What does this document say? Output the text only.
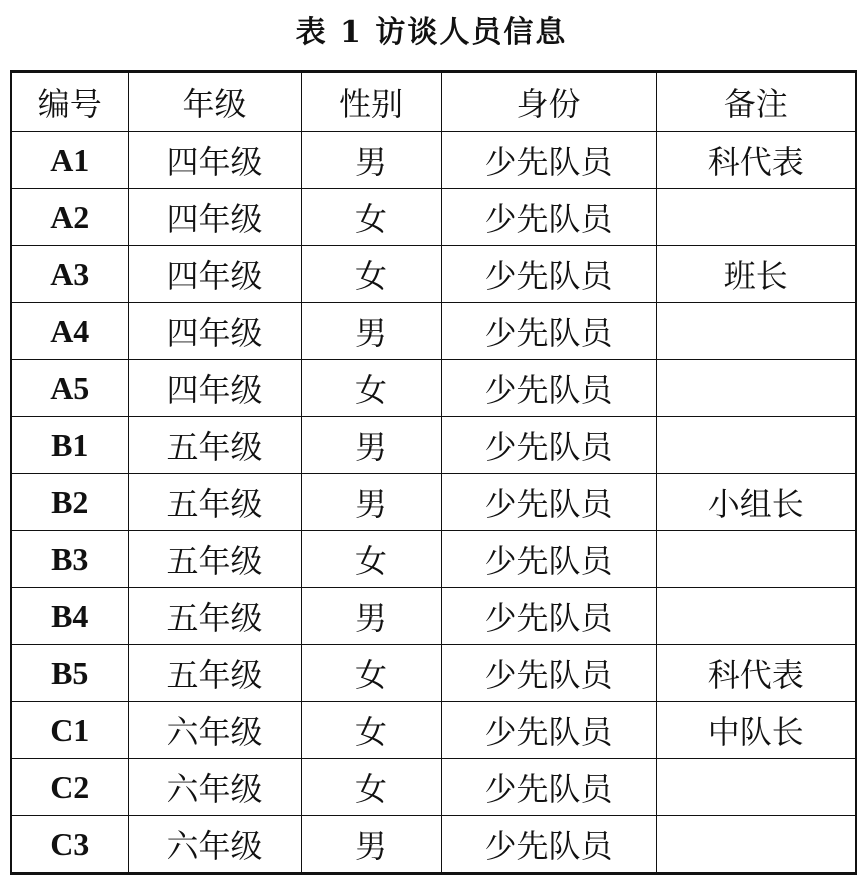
表 1 访谈人员信息
编号	年级	性别	身份	备注
A1	四年级	男	少先队员	科代表
A2	四年级	女	少先队员	
A3	四年级	女	少先队员	班长
A4	四年级	男	少先队员	
A5	四年级	女	少先队员	
B1	五年级	男	少先队员	
B2	五年级	男	少先队员	小组长
B3	五年级	女	少先队员	
B4	五年级	男	少先队员	
B5	五年级	女	少先队员	科代表
C1	六年级	女	少先队员	中队长
C2	六年级	女	少先队员	
C3	六年级	男	少先队员	
